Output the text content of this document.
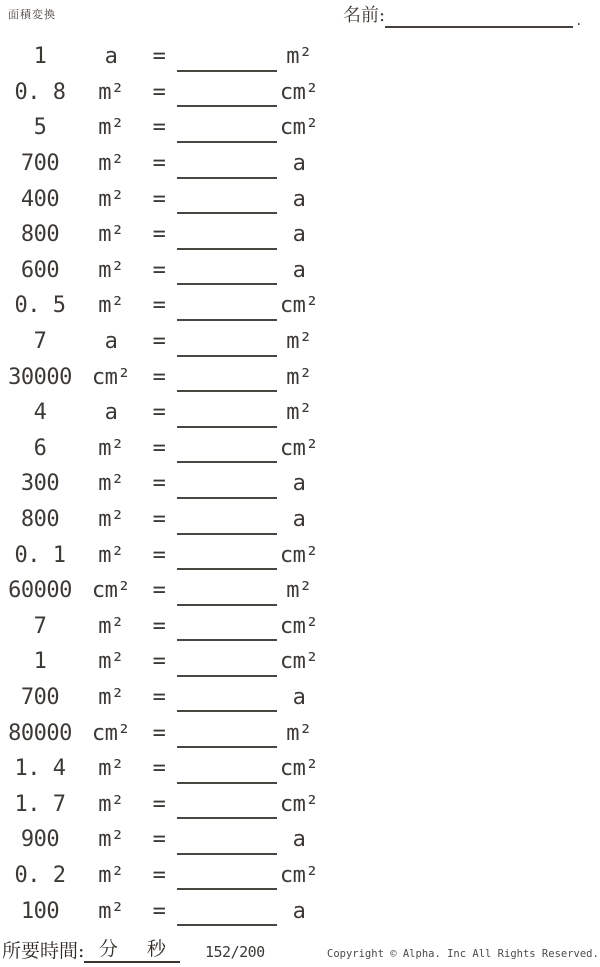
面積変換	名前:	.
1	a	=	m²
0. 8	m²	=	cm²
5	m²	=	cm²
700	m²	=	a
400	m²	=	a
800	m²	=	a
600	m²	=	a
0. 5	m²	=	cm²
7	a	=	m²
30000 cm²	=	m²
4	a	=	m²
6	m²	=	cm²
300	m²	=	a
800	m²	=	a
0. 1	m²	=	cm²
60000 cm²	=	m²
7	m²	=	cm²
1	m²	=	cm²
700	m²	=	a
80000 cm²	=	m²
1. 4	m²	=	cm²
1. 7	m²	=	cm²
900	m²	=	a
0. 2	m²	=	cm²
100	m²	=	a
所要時間: 分 秒	152/200	Copyright © Alpha. Inc All Rights Reserved.
